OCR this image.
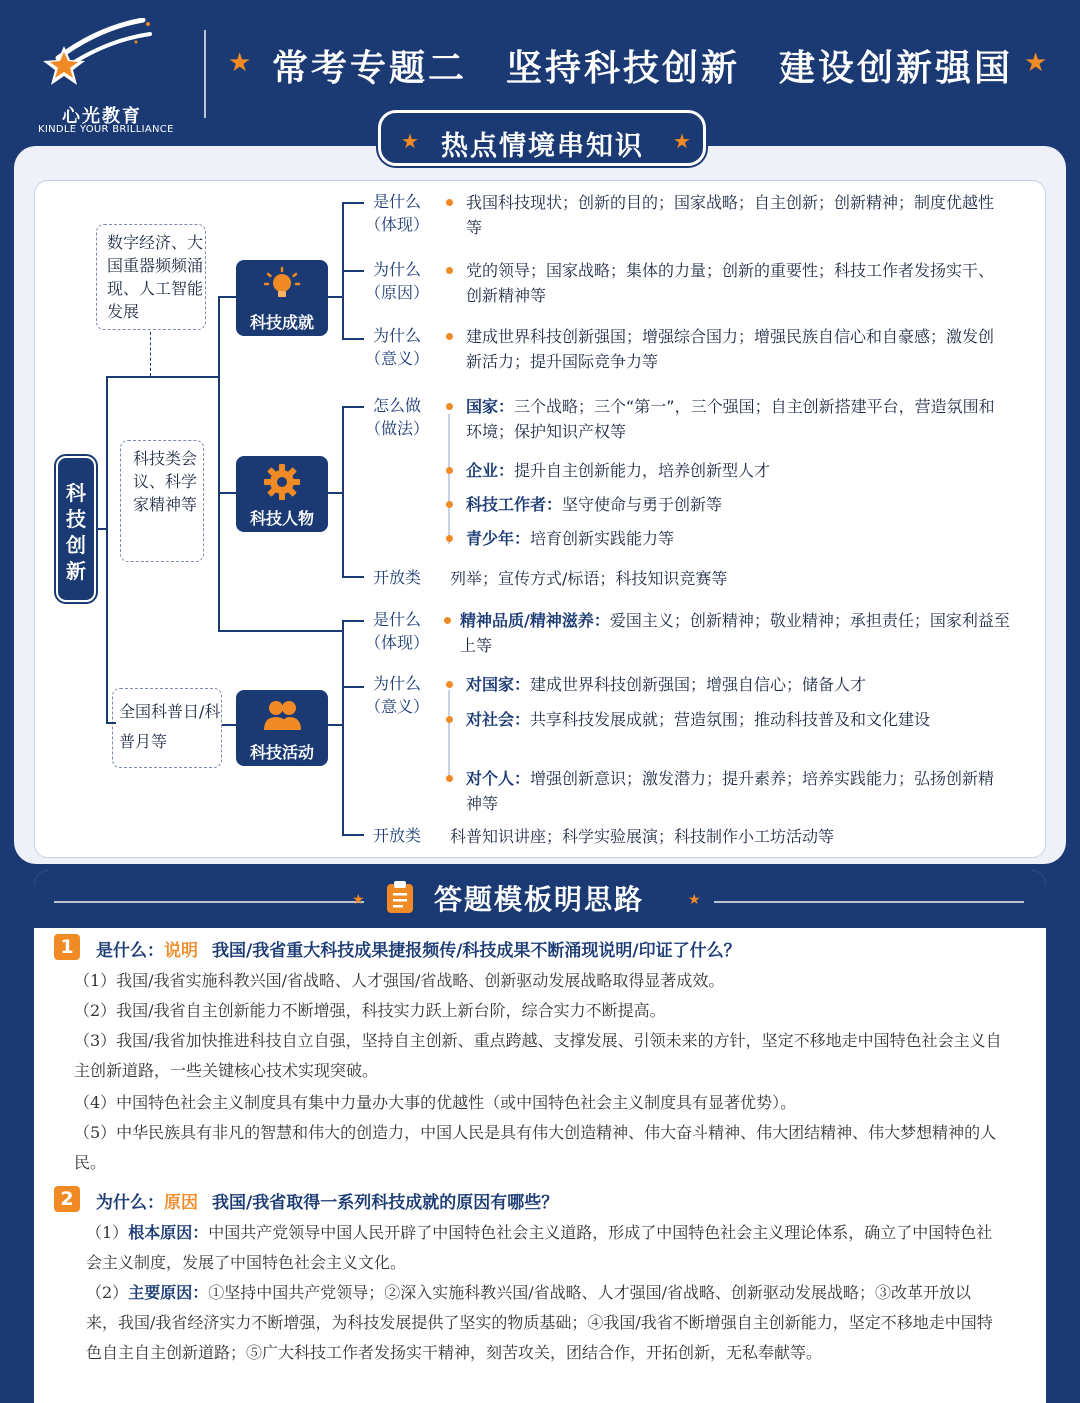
心光教育
KINDLE YOUR BRILLIANCE
★ 常考专题二　坚持科技创新　建设创新强国 ★
★ 热点情境串知识 ★
数字经济、大国重器频频涌现、人工智能发展
科技类会议、科学家精神等
全国科普日/科普月等
科技创新
科技成就
科技人物
科技活动
是什么
（体现）
我国科技现状；创新的目的；国家战略；自主创新；创新精神；制度优越性等
为什么
（原因）
党的领导；国家战略；集体的力量；创新的重要性；科技工作者发扬实干、创新精神等
为什么
（意义）
建成世界科技创新强国；增强综合国力；增强民族自信心和自豪感；激发创新活力；提升国际竞争力等
怎么做
（做法）
国家：三个战略；三个“第一”，三个强国；自主创新搭建平台，营造氛围和环境；保护知识产权等
企业：提升自主创新能力，培养创新型人才
科技工作者：坚守使命与勇于创新等
青少年：培育创新实践能力等
开放类	列举；宣传方式/标语；科技知识竞赛等
是什么
（体现）
精神品质/精神滋养：爱国主义；创新精神；敬业精神；承担责任；国家利益至上等
为什么
（意义）
对国家：建成世界科技创新强国；增强自信心；储备人才
对社会：共享科技发展成就；营造氛围；推动科技普及和文化建设
对个人：增强创新意识；激发潜力；提升素养；培养实践能力；弘扬创新精神等
开放类	科普知识讲座；科学实验展演；科技制作小工坊活动等
★ 答题模板明思路	★
1	是什么：说明 我国/我省重大科技成果捷报频传/科技成果不断涌现说明/印证了什么？
（1）我国/我省实施科教兴国/省战略、人才强国/省战略、创新驱动发展战略取得显著成效。
（2）我国/我省自主创新能力不断增强，科技实力跃上新台阶，综合实力不断提高。
（3）我国/我省加快推进科技自立自强，坚持自主创新、重点跨越、支撑发展、引领未来的方针，坚定不移地走中国特色社会主义自主创新道路，一些关键核心技术实现突破。
（4）中国特色社会主义制度具有集中力量办大事的优越性（或中国特色社会主义制度具有显著优势）。
（5）中华民族具有非凡的智慧和伟大的创造力，中国人民是具有伟大创造精神、伟大奋斗精神、伟大团结精神、伟大梦想精神的人民。
2	为什么：原因 我国/我省取得一系列科技成就的原因有哪些？
（1）根本原因：中国共产党领导中国人民开辟了中国特色社会主义道路，形成了中国特色社会主义理论体系，确立了中国特色社会主义制度，发展了中国特色社会主义文化。
（2）主要原因：①坚持中国共产党领导；②深入实施科教兴国/省战略、人才强国/省战略、创新驱动发展战略；③改革开放以来，我国/我省经济实力不断增强，为科技发展提供了坚实的物质基础；④我国/我省不断增强自主创新能力，坚定不移地走中国特色自主自主创新道路；⑤广大科技工作者发扬实干精神，刻苦攻关，团结合作，开拓创新，无私奉献等。
